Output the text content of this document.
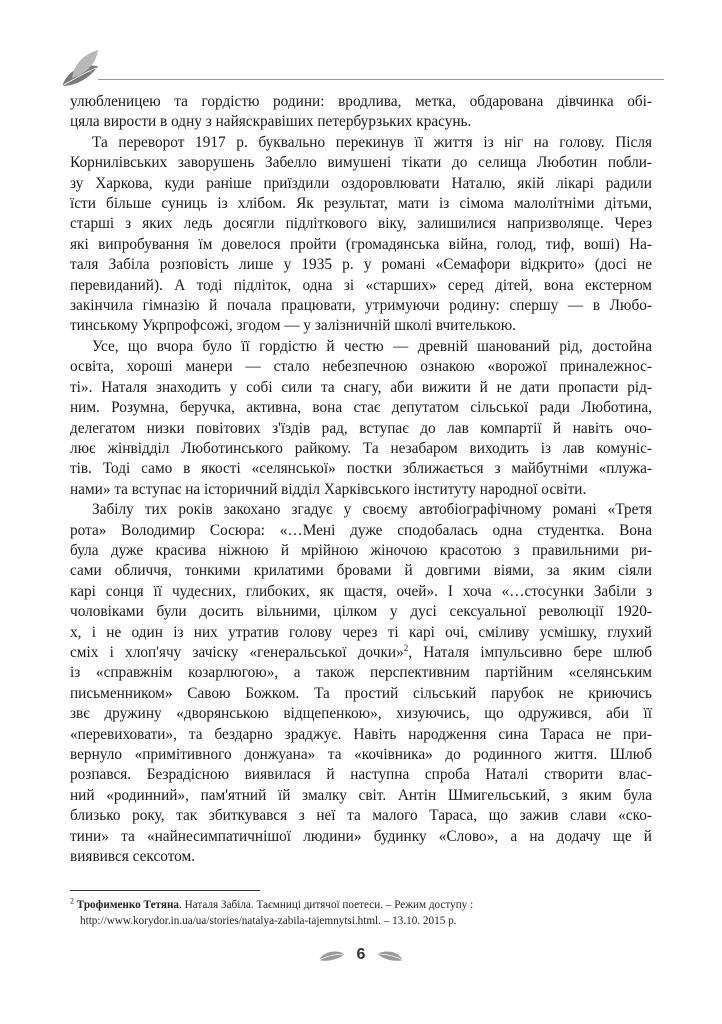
улюбленицею та гордістю родини: вродлива, метка, обдарована дівчинка обі-
цяла вирости в одну з найяскравіших петербурзьких красунь.

Та переворот 1917 р. буквально перекинув її життя із ніг на голову. Після
Корнилівських заворушень Забелло вимушені тікати до селища Люботин побли-
зу Харкова, куди раніше приїздили оздоровлювати Наталю, якій лікарі радили
їсти більше суниць із хлібом. Як результат, мати із сімома малолітніми дітьми,
старші з яких ледь досягли підліткового віку, залишилися напризволяще. Через
які випробування їм довелося пройти (громадянська війна, голод, тиф, воші) На-
таля Забіла розповість лише у 1935 р. у романі «Семафори відкрито» (досі не
перевиданий). А тоді підліток, одна зі «старших» серед дітей, вона екстерном
закінчила гімназію й почала працювати, утримуючи родину: спершу — в Любо-
тинському Укрпрофсожі, згодом — у залізничній школі вчителькою.

Усе, що вчора було її гордістю й честю — древній шанований рід, достойна
освіта, хороші манери — стало небезпечною ознакою «ворожої приналежнос-
ті». Наталя знаходить у собі сили та снагу, аби вижити й не дати пропасти рід-
ним. Розумна, беручка, активна, вона стає депутатом сільської ради Люботина,
делегатом низки повітових з'їздів рад, вступає до лав компартії й навіть очо-
лює жінвідділ Люботинського райкому. Та незабаром виходить із лав комуніс-
тів. Тоді само в якості «селянської» постки зближається з майбутніми «плужа-
нами» та вступає на історичний відділ Харківського інституту народної освіти.

Забілу тих років закохано згадує у своєму автобіографічному романі «Третя
рота» Володимир Сосюра: «…Мені дуже сподобалась одна студентка. Вона
була дуже красива ніжною й мрійною жіночою красотою з правильними ри-
сами обличчя, тонкими крилатими бровами й довгими віями, за яким сіяли
карі сонця її чудесних, глибоких, як щастя, очей». І хоча «…стосунки Забіли з
чоловіками були досить вільними, цілком у дусі сексуальної революції 1920-
х, і не один із них утратив голову через ті карі очі, сміливу усмішку, глухий
сміх і хлоп'ячу зачіску «генеральської дочки»$^2$, Наталя імпульсивно бере шлюб
із «справжнім козарлюгою», а також перспективним партійним «селянським
письменником» Савою Божком. Та простий сільський парубок не криючись
звє дружину «дворянською відщепенкою», хизуючись, що одружився, аби її
«перевиховати», та бездарно зраджує. Навіть народження сина Тараса не при-
вернуло «примітивного донжуана» та «кочівника» до родинного життя. Шлюб
розпався. Безрадісною виявилася й наступна спроба Наталі створити влас-
ний «родинний», пам'ятний їй змалку світ. Антін Шмигельський, з яким була
близько року, так збиткувався з неї та малого Тараса, що зажив слави «ско-
тини» та «найнесимпатичнішої людини» будинку «Слово», а на додачу ще й
виявився сексотом.

$^2$ Трофименко Тетяна. Наталя Забіла. Таємниці дитячої поетеси. – Режим доступу :
http://www.korydor.in.ua/ua/stories/natalya-zabila-tajemnytsi.html. – 13.10. 2015 р.
6
